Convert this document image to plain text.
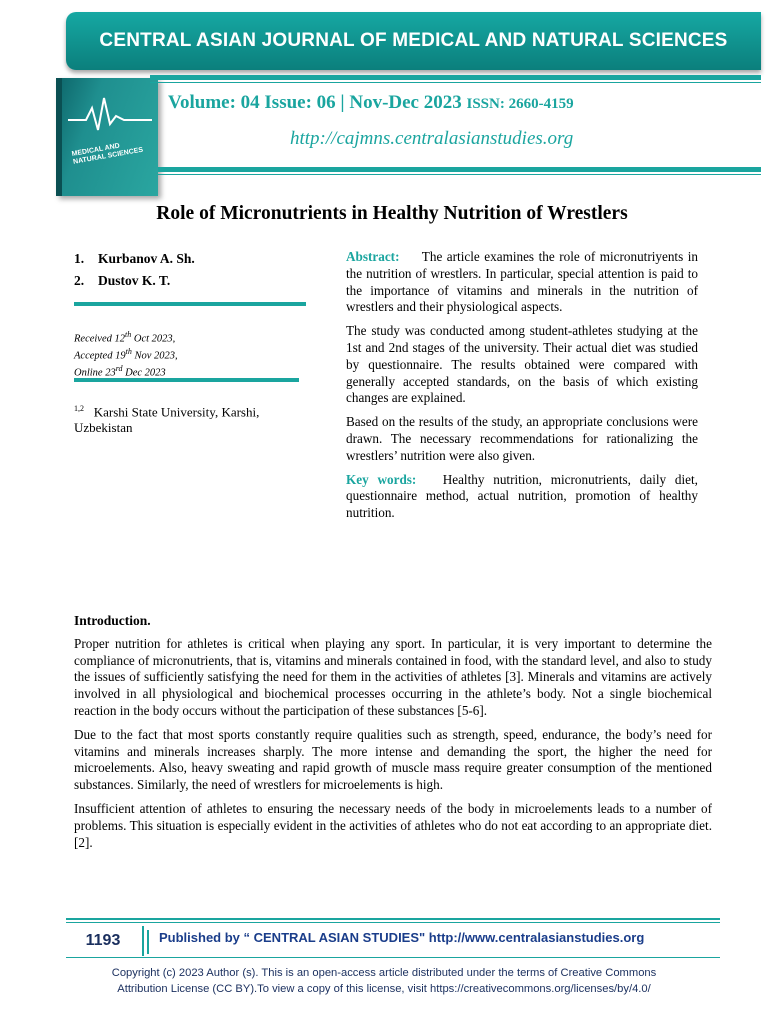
CENTRAL ASIAN JOURNAL OF MEDICAL AND NATURAL SCIENCES
MEDICAL AND NATURAL SCIENCES
Volume: 04 Issue: 06 | Nov-Dec 2023 ISSN: 2660-4159
http://cajmns.centralasianstudies.org
Role of Micronutrients in Healthy Nutrition of Wrestlers
1. Kurbanov A. Sh.
2. Dustov K. T.
Received 12th Oct 2023,
Accepted 19th Nov 2023,
Online 23rd Dec 2023
$^{1,2}$ Karshi State University, Karshi, Uzbekistan

Abstract: The article examines the role of micronutriyents in the nutrition of wrestlers. In particular, special attention is paid to the importance of vitamins and minerals in the nutrition of wrestlers and their physiological aspects.

The study was conducted among student-athletes studying at the 1st and 2nd stages of the university. Their actual diet was studied by questionnaire. The results obtained were compared with generally accepted standards, on the basis of which existing changes are explained.

Based on the results of the study, an appropriate conclusions were drawn. The necessary recommendations for rationalizing the wrestlers’ nutrition were also given.

Key words: Healthy nutrition, micronutrients, daily diet, questionnaire method, actual nutrition, promotion of healthy nutrition.

Introduction.

Proper nutrition for athletes is critical when playing any sport. In particular, it is very important to determine the compliance of micronutrients, that is, vitamins and minerals contained in food, with the standard level, and also to study the issues of sufficiently satisfying the need for them in the activities of athletes [3]. Minerals and vitamins are actively involved in all physiological and biochemical processes occurring in the athlete’s body. Not a single biochemical reaction in the body occurs without the participation of these substances [5-6].

Due to the fact that most sports constantly require qualities such as strength, speed, endurance, the body’s need for vitamins and minerals increases sharply. The more intense and demanding the sport, the higher the need for microelements. Also, heavy sweating and rapid growth of muscle mass require greater consumption of the mentioned substances. Similarly, the need of wrestlers for microelements is high.

Insufficient attention of athletes to ensuring the necessary needs of the body in microelements leads to a number of problems. This situation is especially evident in the activities of athletes who do not eat according to an appropriate diet. [2].

1193	Published by “ CENTRAL ASIAN STUDIES" http://www.centralasianstudies.org
Copyright (c) 2023 Author (s). This is an open-access article distributed under the terms of Creative Commons
Attribution License (CC BY).To view a copy of this license, visit https://creativecommons.org/licenses/by/4.0/
